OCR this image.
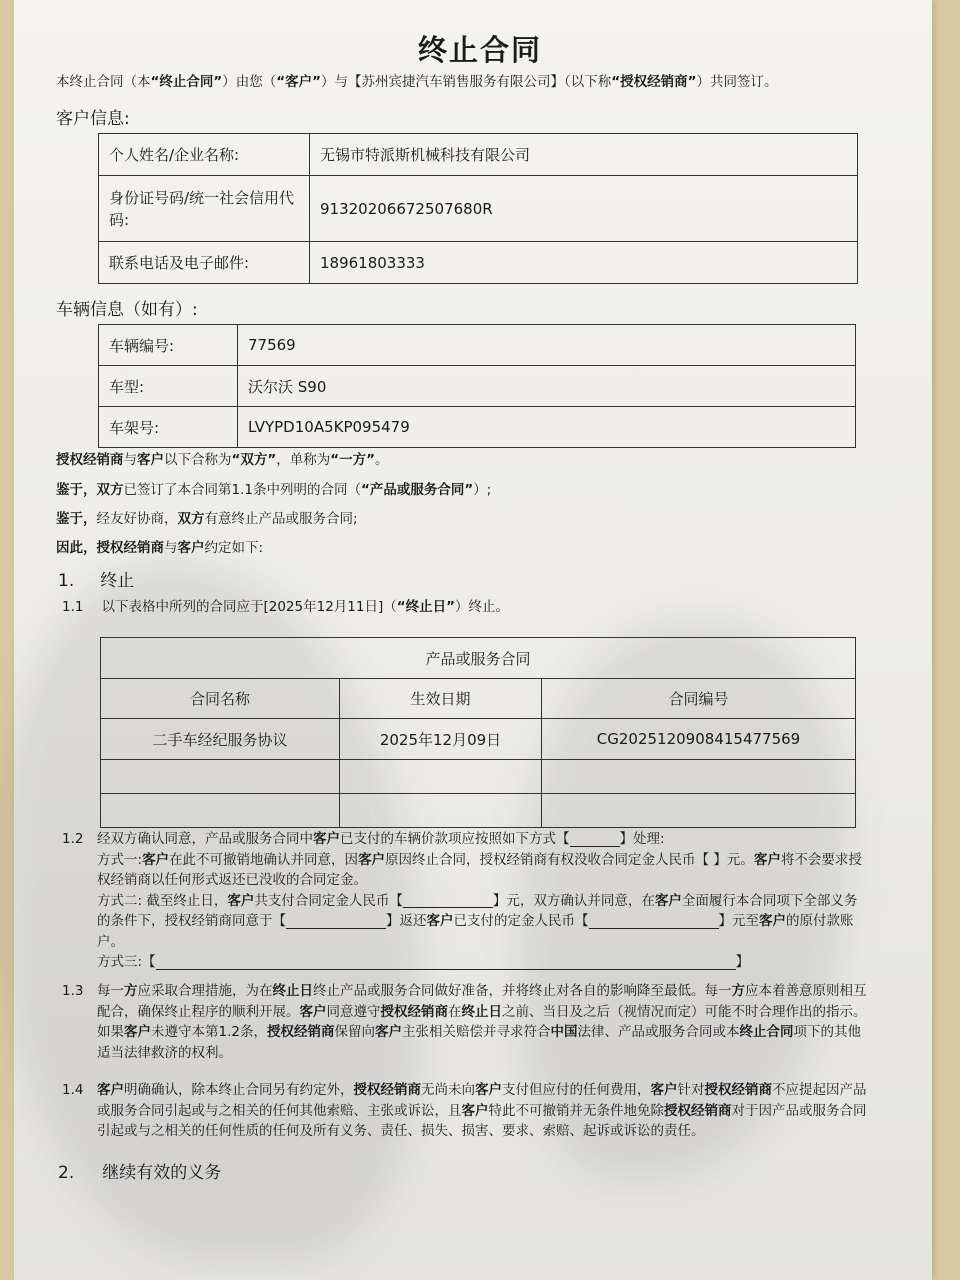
终止合同
本终止合同（本“终止合同”）由您（“客户”）与【苏州宾捷汽车销售服务有限公司】（以下称“授权经销商”）共同签订。
客户信息:
个人姓名/企业名称:	无锡市特派斯机械科技有限公司
身份证号码/统一社会信用代码:	91320206672507680R
联系电话及电子邮件:	18961803333
车辆信息（如有）:
车辆编号:	77569
车型:	沃尔沃 S90
车架号:	LVYPD10A5KP095479
授权经销商与客户以下合称为“双方”，单称为“一方”。
鉴于，双方已签订了本合同第1.1条中列明的合同（“产品或服务合同”）;
鉴于，经友好协商，双方有意终止产品或服务合同;
因此，授权经销商与客户约定如下:
1. 终止
1.1 以下表格中所列的合同应于[2025年12月11日]（“终止日”）终止。
产品或服务合同		
合同名称	生效日期	合同编号
二手车经纪服务协议	2025年12月09日	CG2025120908415477569

1.2 经双方确认同意，产品或服务合同中客户已支付的车辆价款项应按照如下方式【	】处理:
方式一:客户在此不可撤销地确认并同意，因客户原因终止合同，授权经销商有权没收合同定金人民币【 】元。客户将不会要求授
权经销商以任何形式返还已没收的合同定金。
方式二: 截至终止日，客户共支付合同定金人民币【	】元，双方确认并同意，在客户全面履行本合同项下全部义务
的条件下，授权经销商同意于【	】返还客户已支付的定金人民币【	】元至客户的原付款账
户。
方式三:【	】
1.3 每一方应采取合理措施，为在终止日终止产品或服务合同做好准备，并将终止对各自的影响降至最低。每一方应本着善意原则相互
配合，确保终止程序的顺利开展。客户同意遵守授权经销商在终止日之前、当日及之后（视情况而定）可能不时合理作出的指示。
如果客户未遵守本第1.2条，授权经销商保留向客户主张相关赔偿并寻求符合中国法律、产品或服务合同或本终止合同项下的其他
适当法律救济的权利。
1.4 客户明确确认，除本终止合同另有约定外，授权经销商无尚未向客户支付但应付的任何费用，客户针对授权经销商不应提起因产品
或服务合同引起或与之相关的任何其他索赔、主张或诉讼，且客户特此不可撤销并无条件地免除授权经销商对于因产品或服务合同
引起或与之相关的任何性质的任何及所有义务、责任、损失、损害、要求、索赔、起诉或诉讼的责任。
2. 继续有效的义务
